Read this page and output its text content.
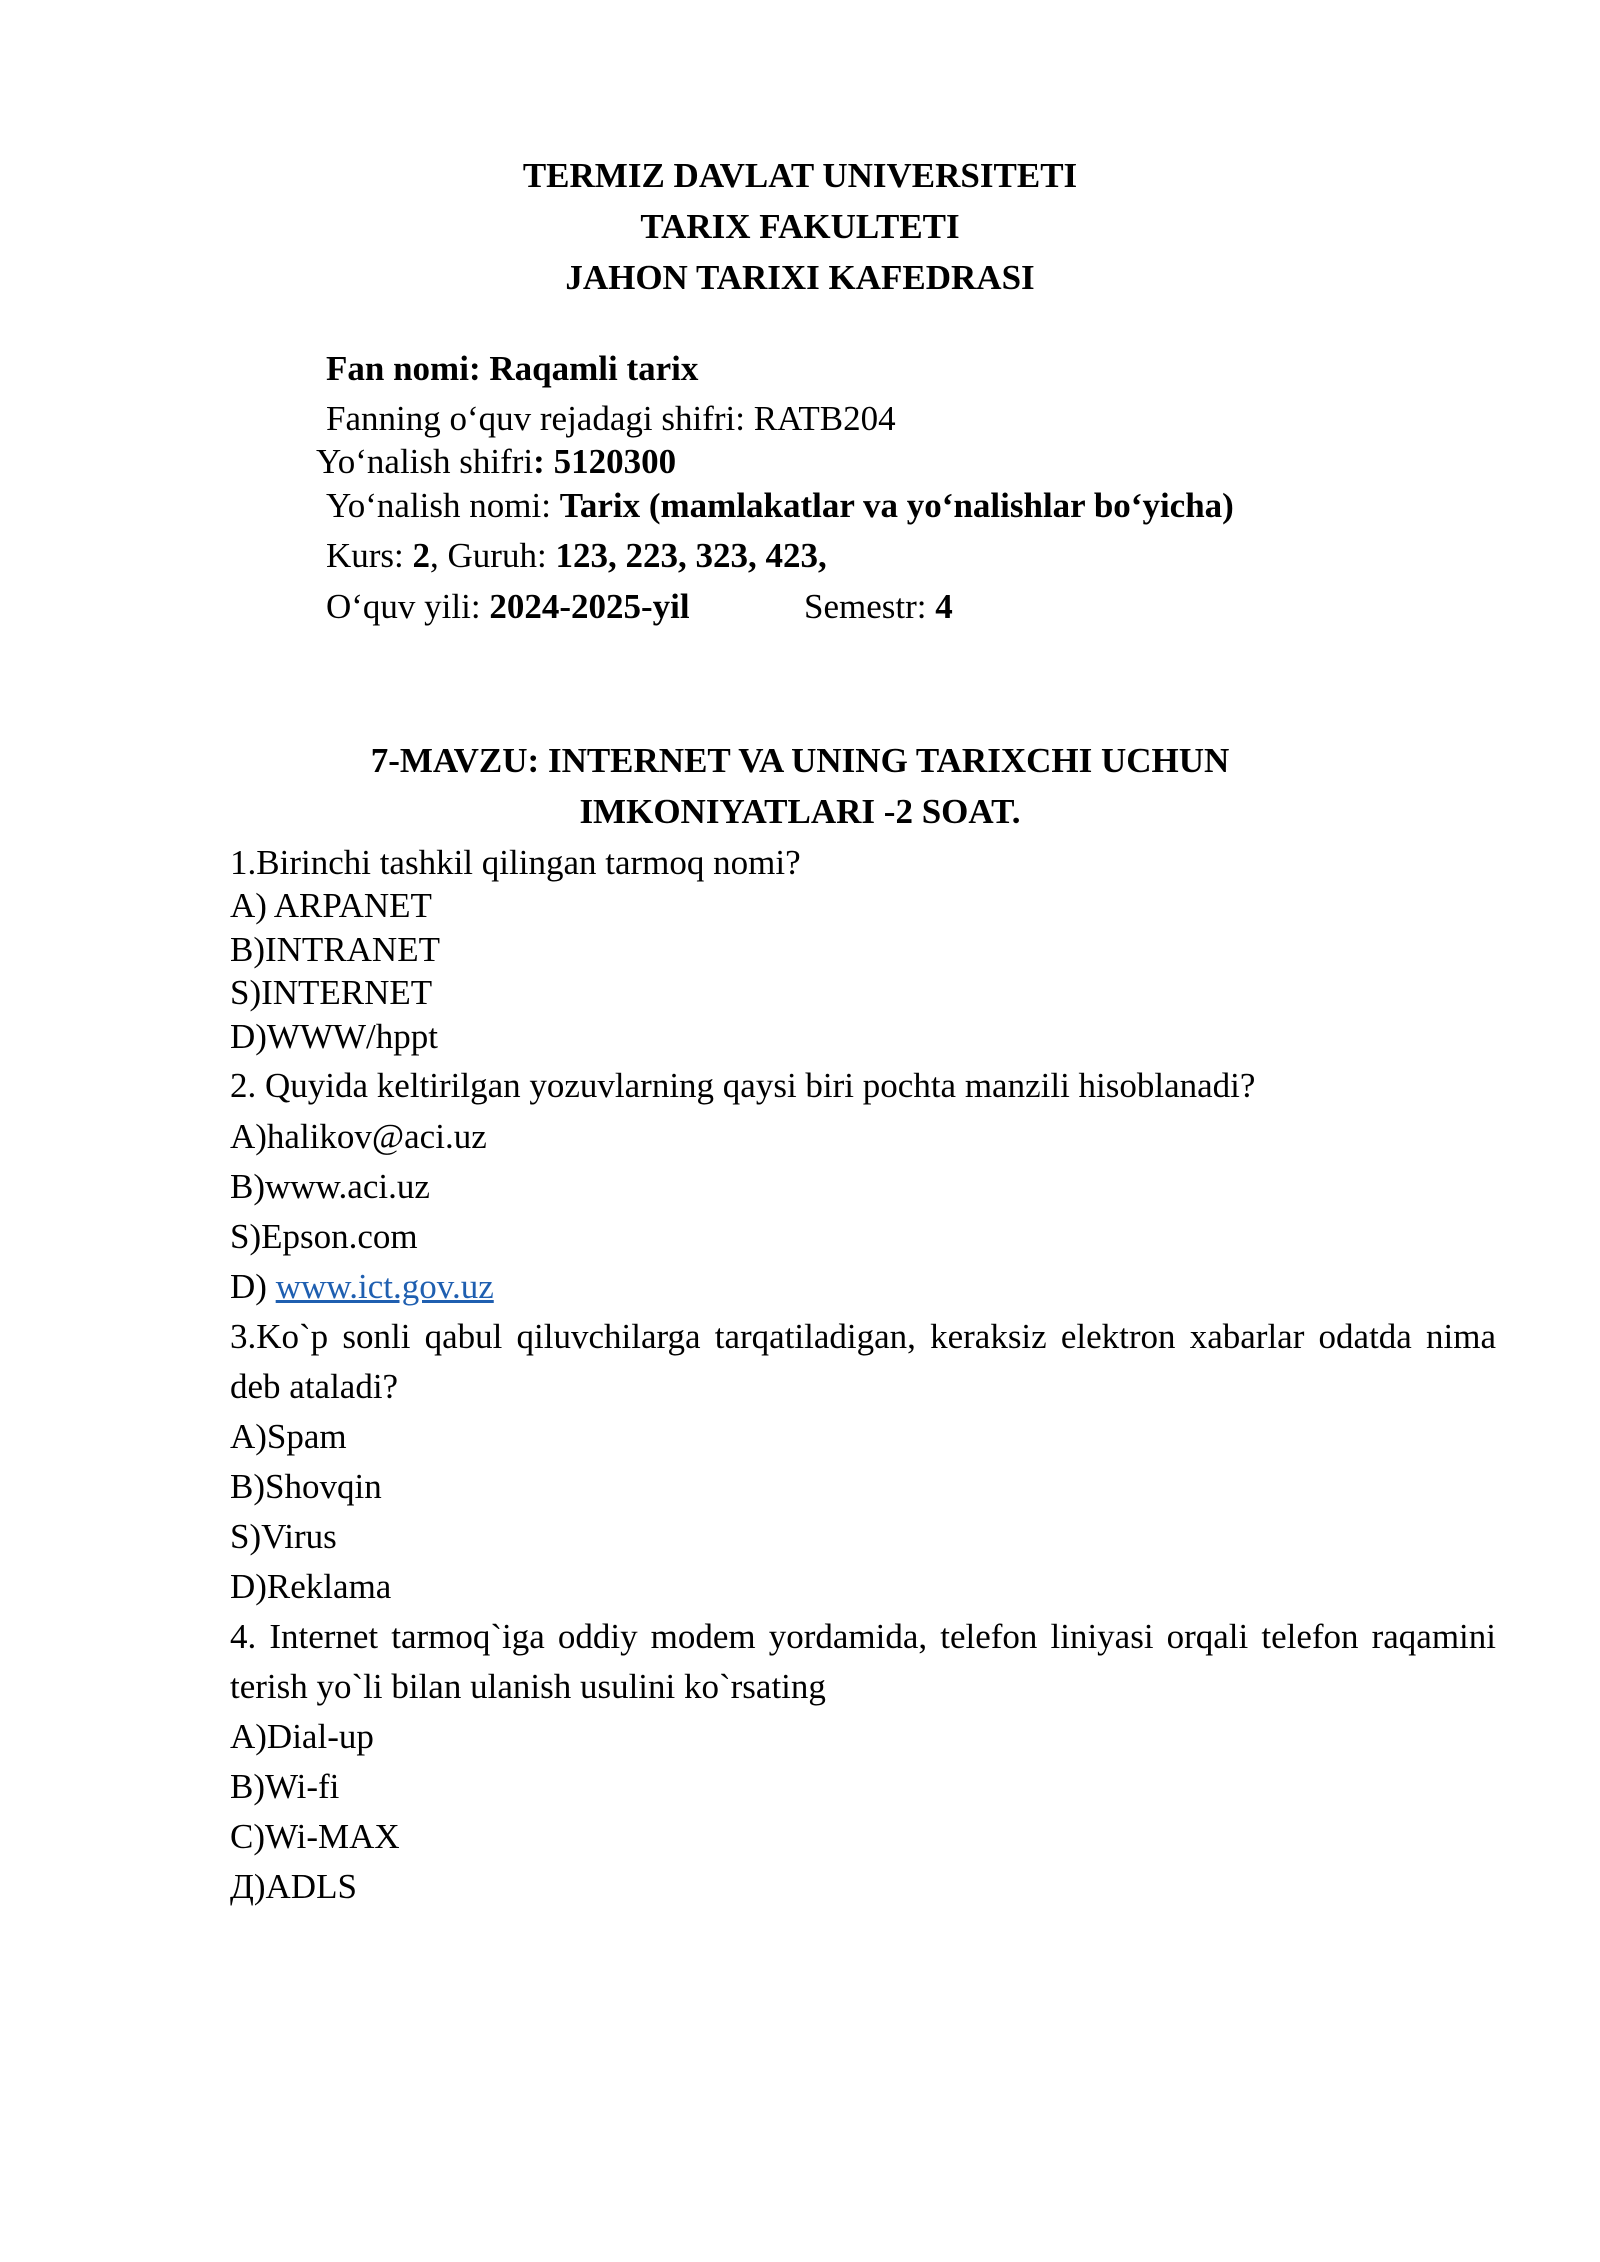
TERMIZ DAVLAT UNIVERSITETI
TARIX FAKULTETI
JAHON TARIXI KAFEDRASI
Fan nomi: Raqamli tarix
Fanning o‘quv rejadagi shifri: RATB204
Yo‘nalish shifri: 5120300
Yo‘nalish nomi: Tarix (mamlakatlar va yo‘nalishlar bo‘yicha)
Kurs: 2, Guruh: 123, 223, 323, 423,
O‘quv yili: 2024-2025-yil	Semestr: 4
7-MAVZU: INTERNET VA UNING TARIXCHI UCHUN
IMKONIYATLARI -2 SOAT.
1.Birinchi tashkil qilingan tarmoq nomi?
A) ARPANET
B)INTRANET
S)INTERNET
D)WWW/hppt
2. Quyida keltirilgan yozuvlarning qaysi biri pochta manzili hisoblanadi?
A)halikov@aci.uz
B)www.aci.uz
S)Epson.com
D) www.ict.gov.uz
3.Ko`p sonli qabul qiluvchilarga tarqatiladigan, keraksiz elektron xabarlar odatda nima deb ataladi?
A)Spam
B)Shovqin
S)Virus
D)Reklama
4. Internet tarmoq`iga oddiy modem yordamida, telefon liniyasi orqali telefon raqamini terish yo`li bilan ulanish usulini ko`rsating
A)Dial-up
B)Wi-fi
C)Wi-MAX
Д)ADLS
